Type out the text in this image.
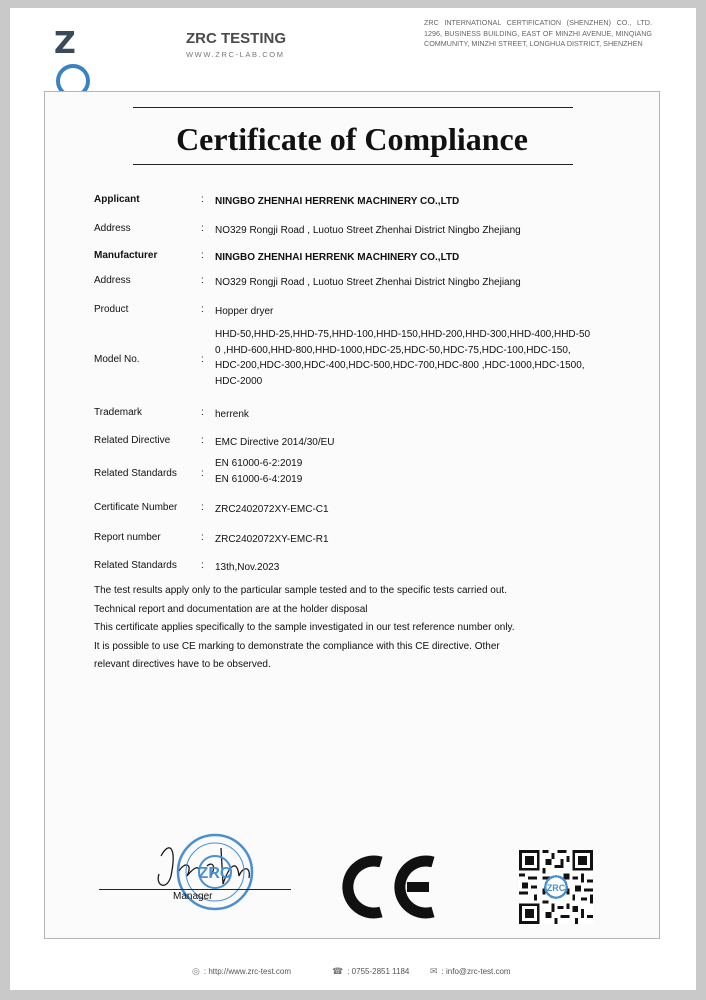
Z	ZRC TESTING
WWW.ZRC-LAB.COM
ZRC INTERNATIONAL CERTIFICATION (SHENZHEN) CO., LTD. 1296, BUSINESS BUILDING, EAST OF MINZHI AVENUE, MINQIANG COMMUNITY, MINZHI STREET, LONGHUA DISTRICT, SHENZHEN
Certificate of Compliance
Applicant	: NINGBO ZHENHAI HERRENK MACHINERY CO.,LTD
Address	: NO329 Rongji Road , Luotuo Street Zhenhai District Ningbo Zhejiang
Manufacturer	: NINGBO ZHENHAI HERRENK MACHINERY CO.,LTD
Address	: NO329 Rongji Road , Luotuo Street Zhenhai District Ningbo Zhejiang
Product	: Hopper dryer
Model No.	:
HHD-50,HHD-25,HHD-75,HHD-100,HHD-150,HHD-200,HHD-300,HHD-400,HHD-50
0 ,HHD-600,HHD-800,HHD-1000,HDC-25,HDC-50,HDC-75,HDC-100,HDC-150,
HDC-200,HDC-300,HDC-400,HDC-500,HDC-700,HDC-800 ,HDC-1000,HDC-1500,
HDC-2000
Trademark	: herrenk
Related Directive	: EMC Directive 2014/30/EU
Related Standards :
EN 61000-6-2:2019
EN 61000-6-4:2019
Certificate Number : ZRC2402072XY-EMC-C1
Report number	: ZRC2402072XY-EMC-R1
Related Standards : 13th,Nov.2023
The test results apply only to the particular sample tested and to the specific tests carried out.
Technical report and documentation are at the holder disposal
This certificate applies specifically to the sample investigated in our test reference number only.
It is possible to use CE marking to demonstrate the compliance with this CE directive. Other
relevant directives have to be observed.
ZRC
Manager
ZRC
◎ : http://www.zrc-test.com	☎ : 0755-2851 1184 ✉ : info@zrc-test.com
